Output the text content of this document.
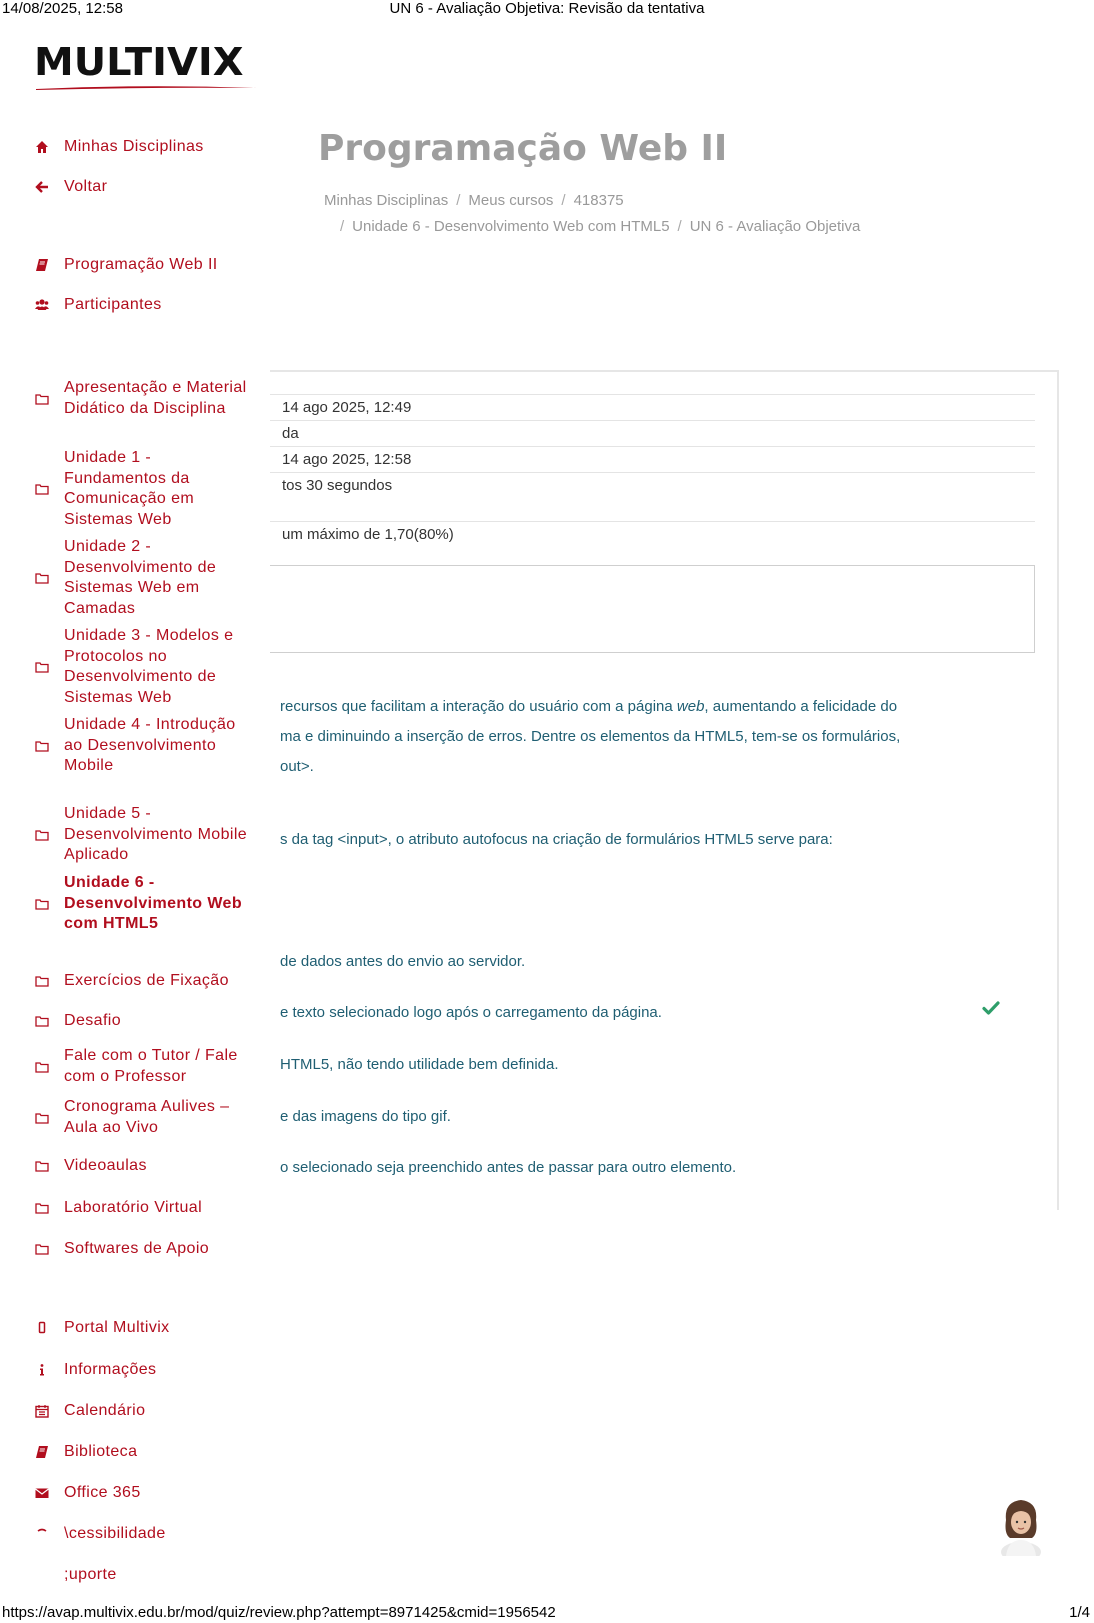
14/08/2025, 12:58	UN 6 - Avaliação Objetiva: Revisão da tentativa
MULTIVIX
Minhas Disciplinas
Voltar
Programação Web II
Participantes
Apresentação e Material Didático da Disciplina
Unidade 1 - Fundamentos da Comunicação em Sistemas Web
Unidade 2 - Desenvolvimento de Sistemas Web em Camadas
Unidade 3 - Modelos e Protocolos no Desenvolvimento de Sistemas Web
Unidade 4 - Introdução ao Desenvolvimento Mobile
Unidade 5 - Desenvolvimento Mobile Aplicado
Unidade 6 - Desenvolvimento Web com HTML5
Exercícios de Fixação
Desafio
Fale com o Tutor / Fale com o Professor
Cronograma Aulives – Aula ao Vivo
Videoaulas
Laboratório Virtual
Softwares de Apoio
Portal Multivix
Informações
Calendário
Biblioteca
Office 365
\cessibilidade
;uporte
Programação Web II
Minhas Disciplinas / Meus cursos / 418375
/ Unidade 6 - Desenvolvimento Web com HTML5 / UN 6 - Avaliação Objetiva
14 ago 2025, 12:49
da
14 ago 2025, 12:58
tos 30 segundos
um máximo de 1,70(80%)
recursos que facilitam a interação do usuário com a página web, aumentando a felicidade do
ma e diminuindo a inserção de erros. Dentre os elementos da HTML5, tem-se os formulários,
out>.
s da tag <input>, o atributo autofocus na criação de formulários HTML5 serve para:
de dados antes do envio ao servidor.
e texto selecionado logo após o carregamento da página.
HTML5, não tendo utilidade bem definida.
e das imagens do tipo gif.
o selecionado seja preenchido antes de passar para outro elemento.
https://avap.multivix.edu.br/mod/quiz/review.php?attempt=8971425&cmid=1956542	1/4
